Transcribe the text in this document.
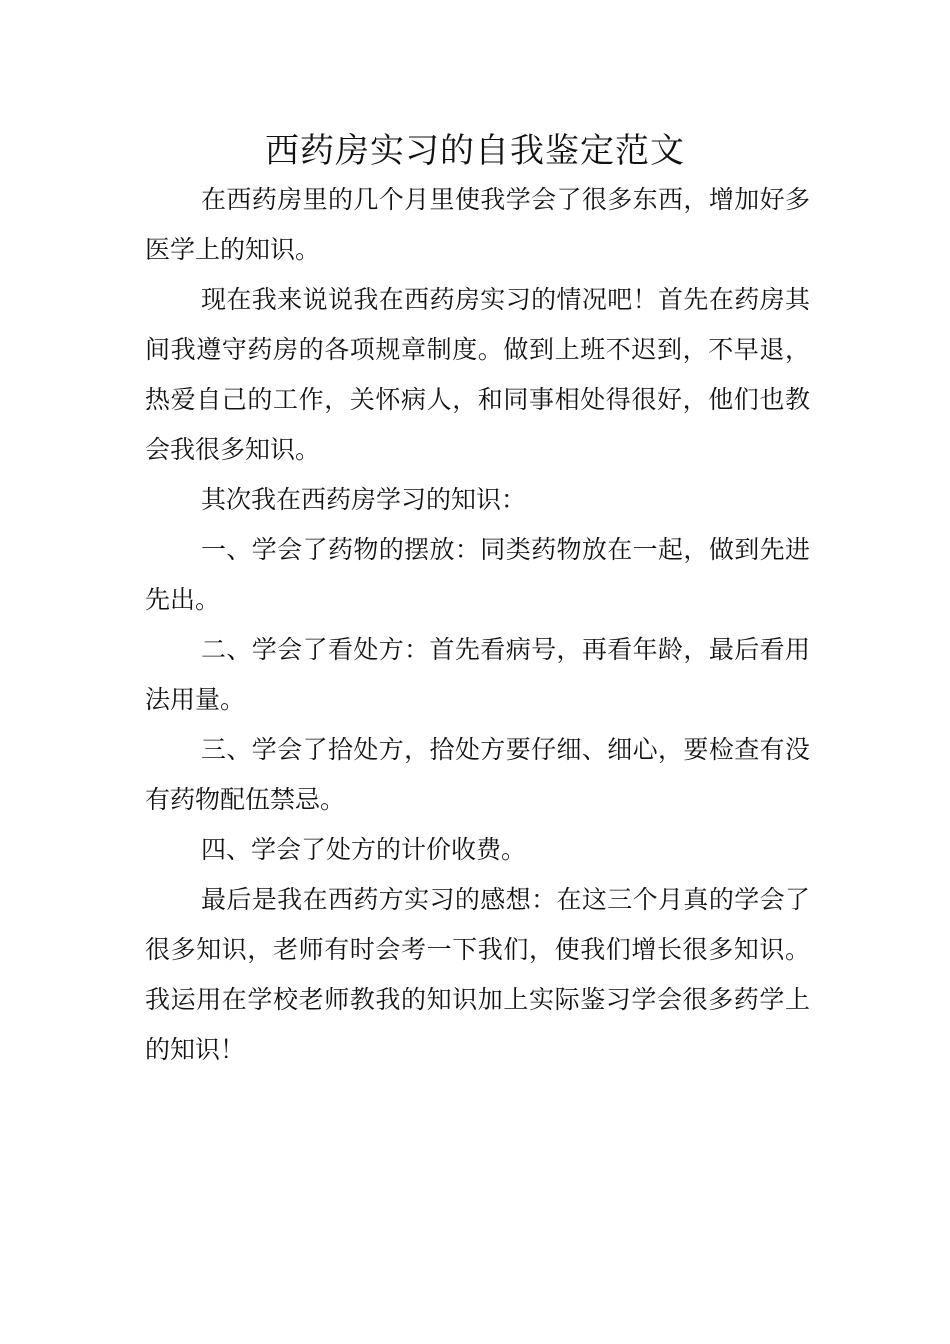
西药房实习的自我鉴定范文

在西药房里的几个月里使我学会了很多东西，增加好多医学上的知识。

现在我来说说我在西药房实习的情况吧！首先在药房其间我遵守药房的各项规章制度。做到上班不迟到，不早退，热爱自己的工作，关怀病人，和同事相处得很好，他们也教会我很多知识。

其次我在西药房学习的知识：

一、学会了药物的摆放：同类药物放在一起，做到先进先出。

二、学会了看处方：首先看病号，再看年龄，最后看用法用量。

三、学会了拾处方，拾处方要仔细、细心，要检查有没有药物配伍禁忌。

四、学会了处方的计价收费。

最后是我在西药方实习的感想：在这三个月真的学会了很多知识，老师有时会考一下我们，使我们增长很多知识。我运用在学校老师教我的知识加上实际鉴习学会很多药学上的知识！
